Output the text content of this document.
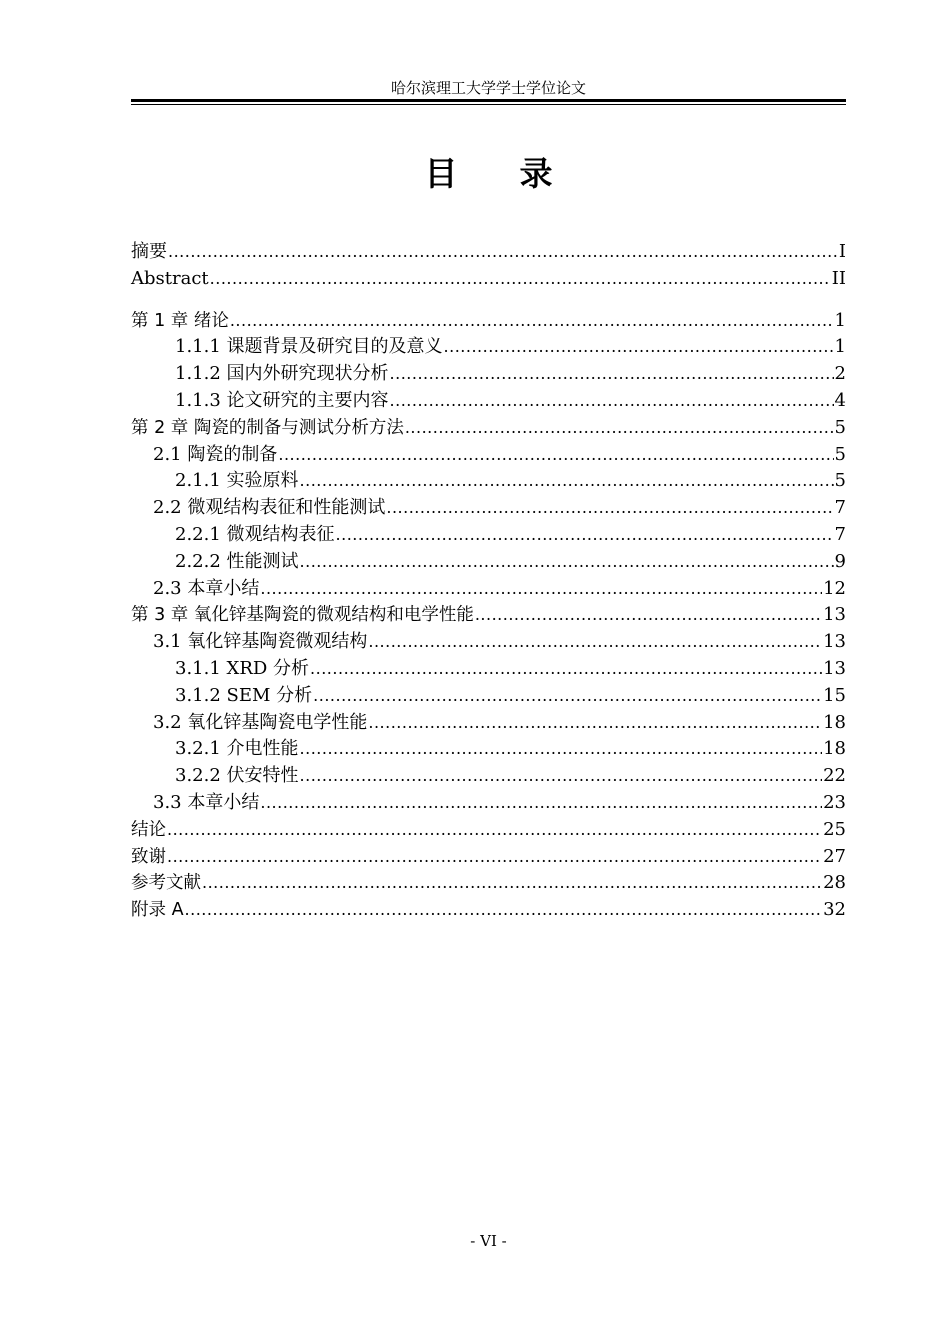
哈尔滨理工大学学士学位论文
目录
摘要 .....	I
Abstract .....	II
第 1 章 绪论 .....	1
1.1.1 课题背景及研究目的及意义 .....	1
1.1.2 国内外研究现状分析 .....	2
1.1.3 论文研究的主要内容 .....	4
第 2 章 陶瓷的制备与测试分析方法 .....	5
2.1 陶瓷的制备 .....	5
2.1.1 实验原料 .....	5
2.2 微观结构表征和性能测试 .....	7
2.2.1 微观结构表征 .....	7
2.2.2 性能测试 .....	9
2.3 本章小结 .....	12
第 3 章 氧化锌基陶瓷的微观结构和电学性能 .....	13
3.1 氧化锌基陶瓷微观结构 .....	13
3.1.1 XRD 分析 .....	13
3.1.2 SEM 分析 .....	15
3.2 氧化锌基陶瓷电学性能 .....	18
3.2.1 介电性能 .....	18
3.2.2 伏安特性 .....	22
3.3 本章小结 .....	23
结论 .....	25
致谢 .....	27
参考文献 .....	28
附录 A .....	32
- VI -
